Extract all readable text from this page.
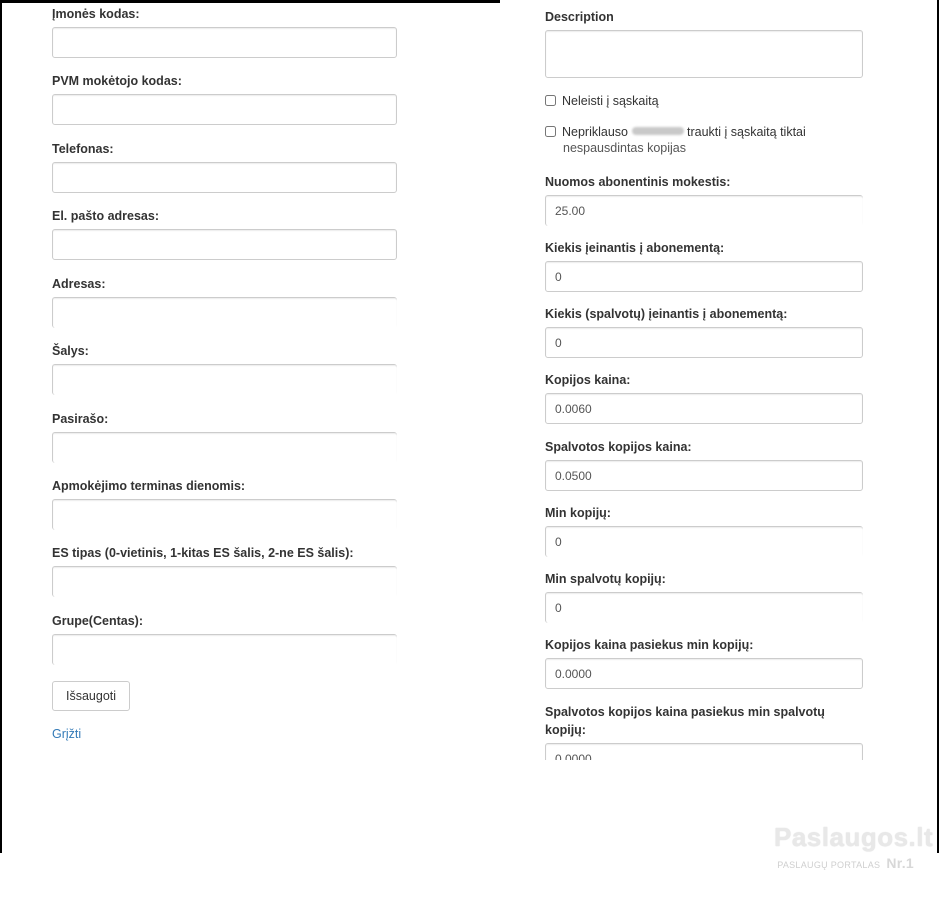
Įmonės kodas:
PVM mokėtojo kodas:
Telefonas:
El. pašto adresas:
Adresas:
Šalys:
Pasirašo:
Apmokėjimo terminas dienomis:
ES tipas (0-vietinis, 1-kitas ES šalis, 2-ne ES šalis):
Grupe(Centas):
Išsaugoti
Grįžti
Description
Neleisti į sąskaitą
Nepriklauso	traukti į sąskaitą tiktai
nespausdintas kopijas
Nuomos abonentinis mokestis:
25.00
Kiekis įeinantis į abonementą:
0
Kiekis (spalvotų) įeinantis į abonementą:
0
Kopijos kaina:
0.0060
Spalvotos kopijos kaina:
0.0500
Min kopijų:
0
Min spalvotų kopijų:
0
Kopijos kaina pasiekus min kopijų:
0.0000
Spalvotos kopijos kaina pasiekus min spalvotų
kopijų:
0.0000
Paslaugos.lt
PASLAUGŲ PORTALAS Nr.1
